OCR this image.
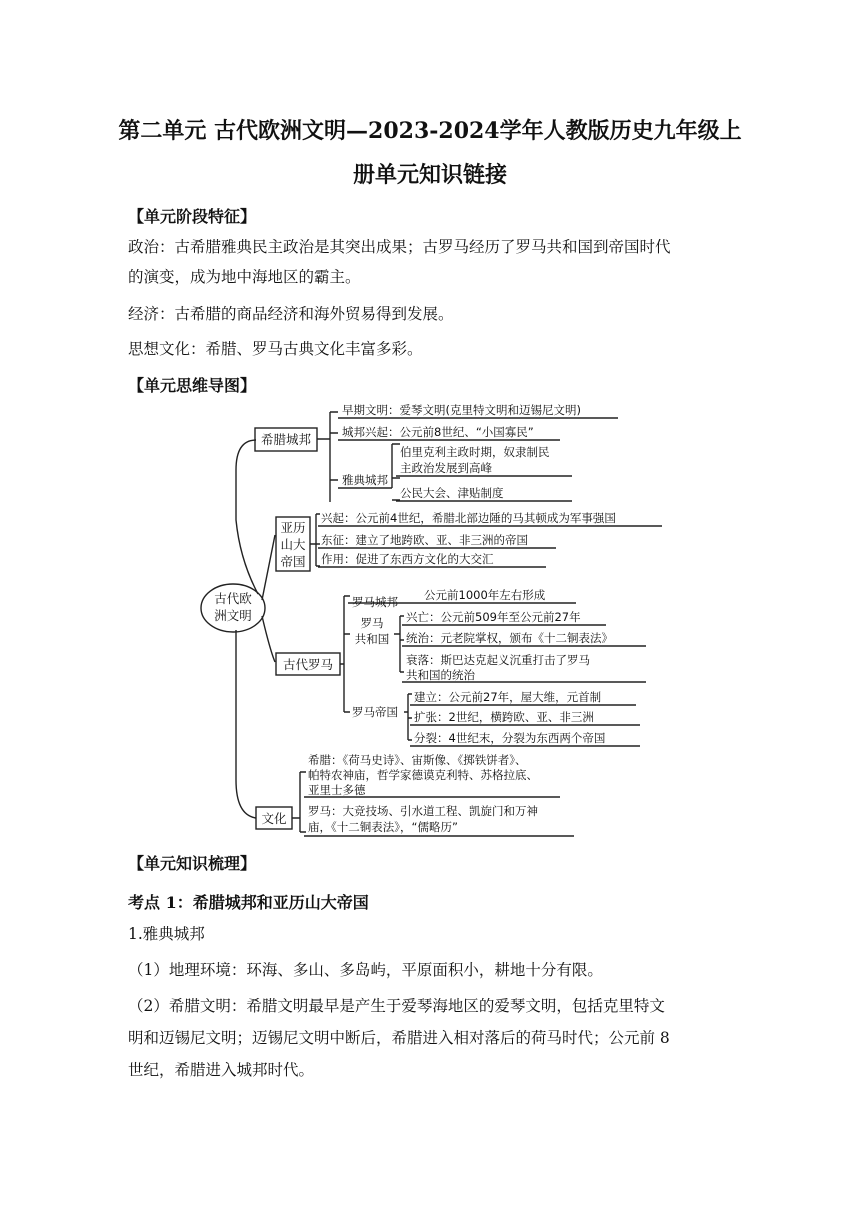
第二单元 古代欧洲文明—2023-2024学年人教版历史九年级上
册单元知识链接
【单元阶段特征】
政治：古希腊雅典民主政治是其突出成果；古罗马经历了罗马共和国到帝国时代
的演变，成为地中海地区的霸主。
经济：古希腊的商品经济和海外贸易得到发展。
思想文化：希腊、罗马古典文化丰富多彩。
【单元思维导图】
古代欧
洲文明
希腊城邦
早期文明：爱琴文明(克里特文明和迈锡尼文明)
城邦兴起：公元前8世纪、“小国寡民”
雅典城邦
伯里克利主政时期，奴隶制民
主政治发展到高峰
公民大会、津贴制度
亚历
山大
帝国
兴起：公元前4世纪，希腊北部边陲的马其顿成为军事强国
东征：建立了地跨欧、亚、非三洲的帝国
作用：促进了东西方文化的大交汇
古代罗马
罗马城邦 公元前1000年左右形成
罗马
共和国
兴亡：公元前509年至公元前27年
统治：元老院掌权，颁布《十二铜表法》
衰落：斯巴达克起义沉重打击了罗马
共和国的统治
罗马帝国
建立：公元前27年，屋大维，元首制
扩张：2世纪，横跨欧、亚、非三洲
分裂：4世纪末，分裂为东西两个帝国
文化
希腊：《荷马史诗》、宙斯像、《掷铁饼者》、
帕特农神庙，哲学家德谟克利特、苏格拉底、
亚里士多德
罗马：大竞技场、引水道工程、凯旋门和万神
庙，《十二铜表法》，“儒略历”
【单元知识梳理】
考点 1：希腊城邦和亚历山大帝国
1.雅典城邦
（1）地理环境：环海、多山、多岛屿，平原面积小，耕地十分有限。
（2）希腊文明：希腊文明最早是产生于爱琴海地区的爱琴文明，包括克里特文
明和迈锡尼文明；迈锡尼文明中断后，希腊进入相对落后的荷马时代；公元前 8
世纪，希腊进入城邦时代。
